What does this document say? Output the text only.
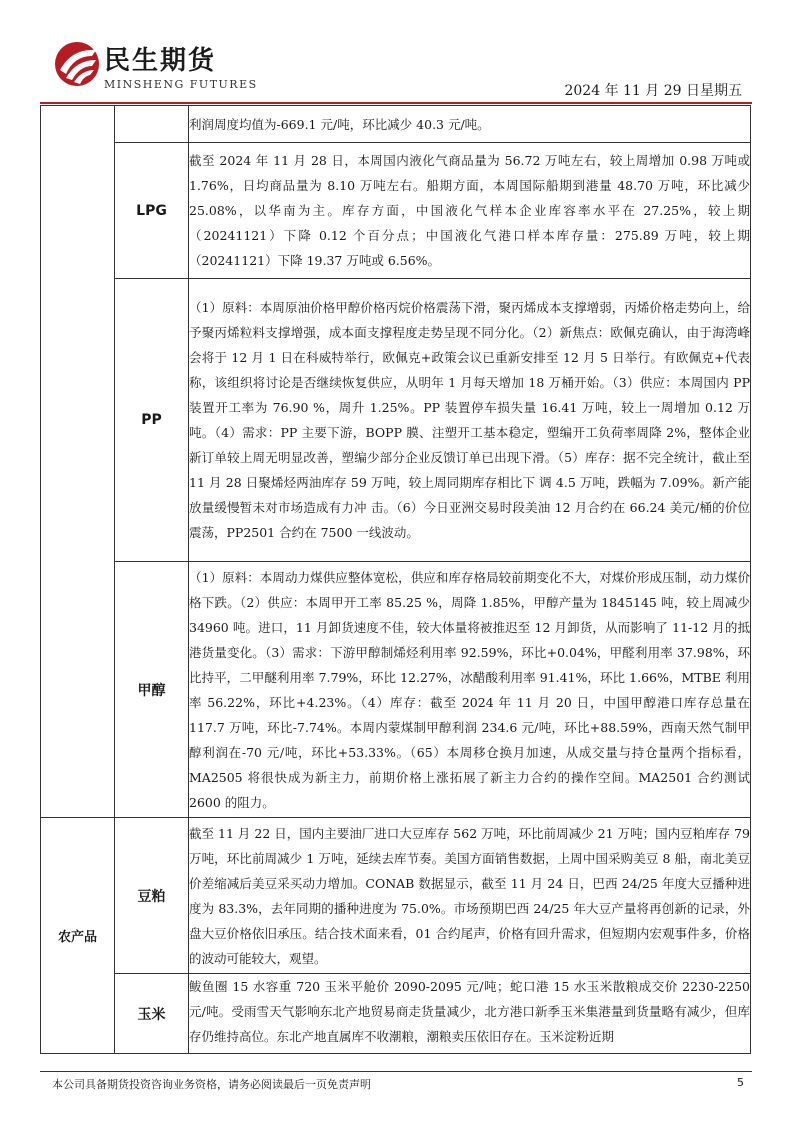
民生期货
MINSHENG FUTURES	2024 年 11 月 29 日星期五
		利润周度均值为-669.1 元/吨，环比减少 40.3 元/吨。
	LPG	截至 2024 年 11 月 28 日，本周国内液化气商品量为 56.72 万吨左右，较上周增加 0.98 万吨或 1.76%，日均商品量为 8.10 万吨左右。船期方面，本周国际船期到港量 48.70 万吨，环比减少 25.08%，以华南为主。库存方面，中国液化气样本企业库容率水平在 27.25%，较上期（20241121）下降 0.12 个百分点；中国液化气港口样本库存量：275.89 万吨，较上期（20241121）下降 19.37 万吨或 6.56%。
	PP	（1）原料：本周原油价格甲醇价格丙烷价格震荡下滑，聚丙烯成本支撑增弱，丙烯价格走势向上，给予聚丙烯粒料支撑增强，成本面支撑程度走势呈现不同分化。（2）新焦点：欧佩克确认，由于海湾峰会将于 12 月 1 日在科威特举行，欧佩克+政策会议已重新安排至 12 月 5 日举行。有欧佩克+代表称，该组织将讨论是否继续恢复供应，从明年 1 月每天增加 18 万桶开始。（3）供应：本周国内 PP 装置开工率为 76.90 %，周升 1.25%。PP 装置停车损失量 16.41 万吨，较上一周增加 0.12 万吨。（4）需求：PP 主要下游，BOPP 膜、注塑开工基本稳定，塑编开工负荷率周降 2%，整体企业新订单较上周无明显改善，塑编少部分企业反馈订单已出现下滑。（5）库存：据不完全统计，截止至 11 月 28 日聚烯烃两油库存 59 万吨，较上周同期库存相比下 调 4.5 万吨，跌幅为 7.09%。新产能放量缓慢暂未对市场造成有力冲 击。（6）今日亚洲交易时段美油 12 月合约在 66.24 美元/桶的价位震荡，PP2501 合约在 7500 一线波动。
	甲醇	（1）原料：本周动力煤供应整体宽松，供应和库存格局较前期变化不大，对煤价形成压制，动力煤价格下跌。（2）供应：本周甲开工率 85.25 %，周降 1.85%，甲醇产量为 1845145 吨，较上周减少 34960 吨。进口，11 月卸货速度不佳，较大体量将被推迟至 12 月卸货，从而影响了 11-12 月的抵港货量变化。（3）需求：下游甲醇制烯烃利用率 92.59%，环比+0.04%，甲醛利用率 37.98%，环比持平，二甲醚利用率 7.79%，环比 12.27%，冰醋酸利用率 91.41%，环比 1.66%，MTBE 利用率 56.22%，环比+4.23%。（4）库存：截至 2024 年 11 月 20 日，中国甲醇港口库存总量在 117.7 万吨，环比-7.74%。本周内蒙煤制甲醇利润 234.6 元/吨，环比+88.59%，西南天然气制甲醇利润在-70 元/吨，环比+53.33%。（65）本周移仓换月加速，从成交量与持仓量两个指标看，MA2505 将很快成为新主力，前期价格上涨拓展了新主力合约的操作空间。MA2501 合约测试 2600 的阻力。

农产品	豆粕	截至 11 月 22 日，国内主要油厂进口大豆库存 562 万吨，环比前周减少 21 万吨；国内豆粕库存 79 万吨，环比前周减少 1 万吨，延续去库节奏。美国方面销售数据，上周中国采购美豆 8 船，南北美豆价差缩减后美豆采买动力增加。CONAB 数据显示，截至 11 月 24 日，巴西 24/25 年度大豆播种进度为 83.3%，去年同期的播种进度为 75.0%。市场预期巴西 24/25 年大豆产量将再创新的记录，外盘大豆价格依旧承压。结合技术面来看，01 合约尾声，价格有回升需求，但短期内宏观事件多，价格的波动可能较大，观望。
	玉米	鲅鱼圈 15 水容重 720 玉米平舱价 2090-2095 元/吨；蛇口港 15 水玉米散粮成交价 2230-2250 元/吨。受雨雪天气影响东北产地贸易商走货量减少，北方港口新季玉米集港量到货量略有减少，但库存仍维持高位。东北产地直属库不收潮粮，潮粮卖压依旧存在。玉米淀粉近期
本公司具备期货投资咨询业务资格，请务必阅读最后一页免责声明	5
